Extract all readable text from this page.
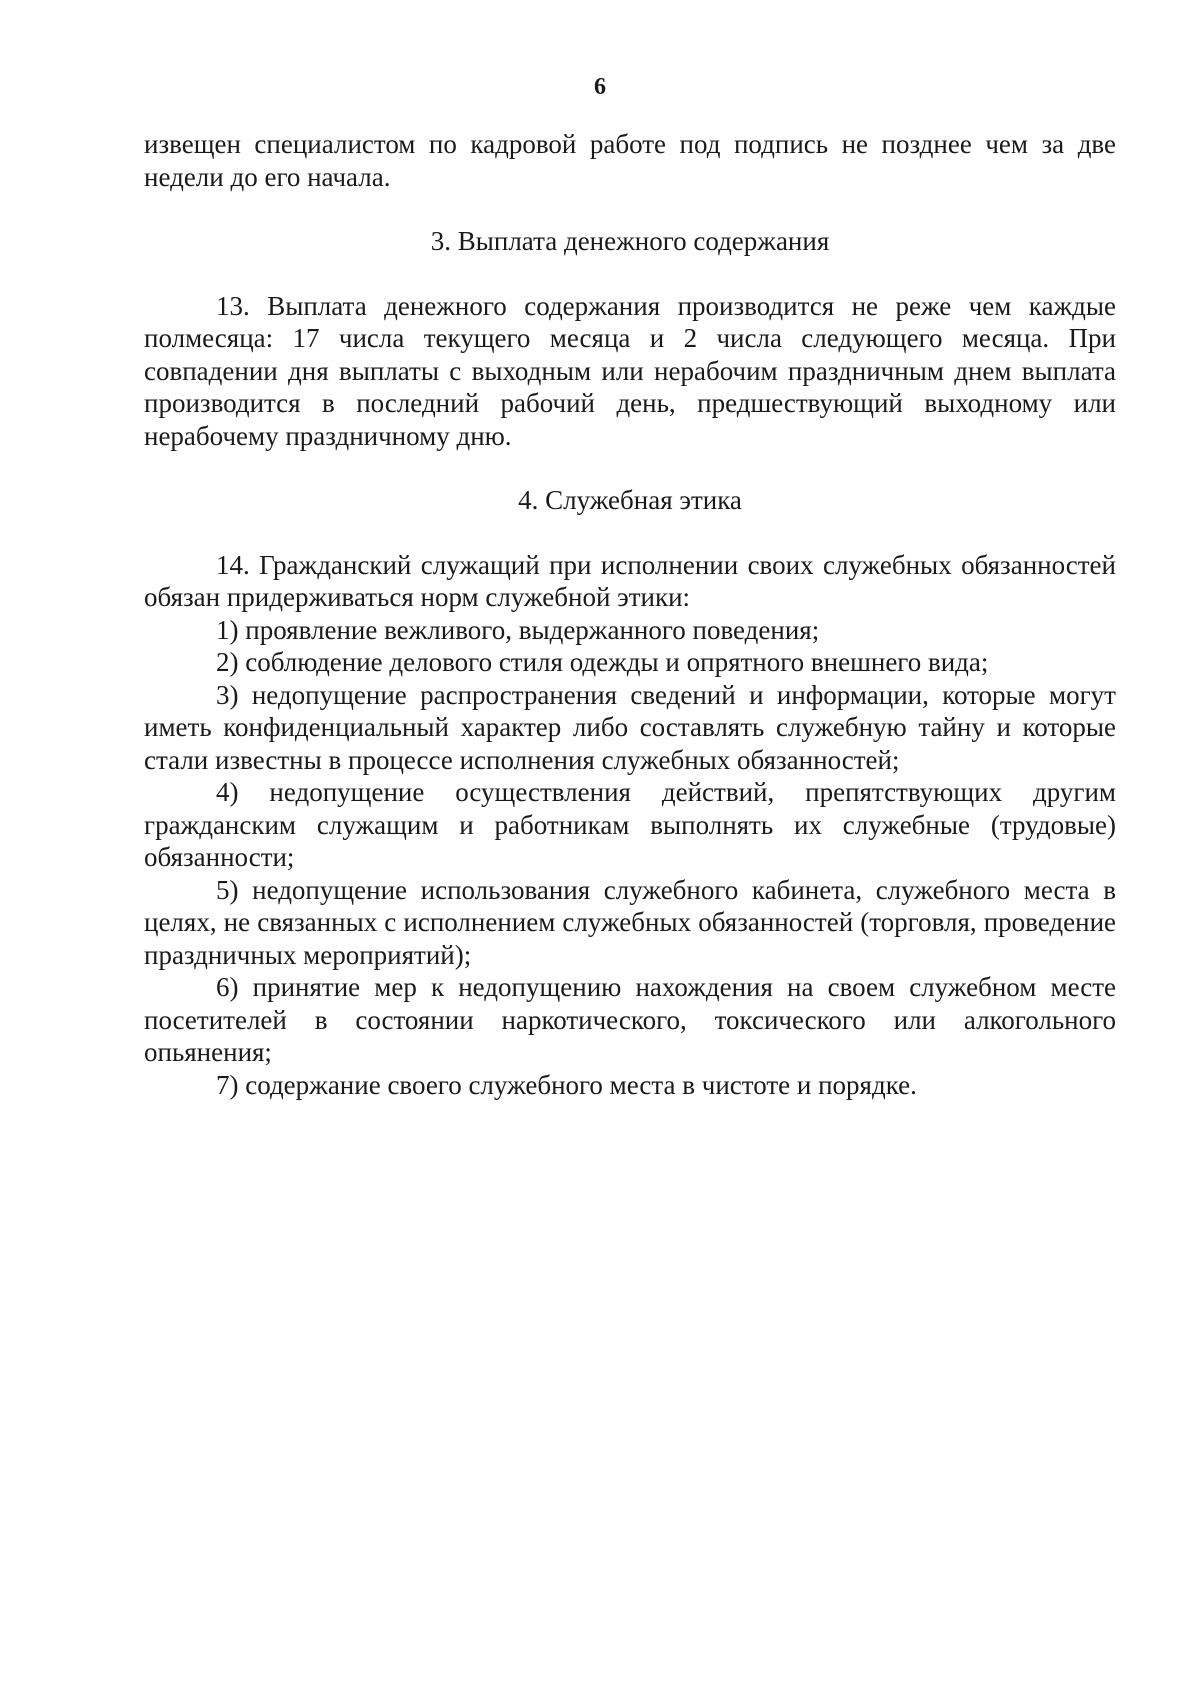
6

извещен специалистом по кадровой работе под подпись не позднее чем за две недели до его начала.

3. Выплата денежного содержания

13. Выплата денежного содержания производится не реже чем каждые полмесяца: 17 числа текущего месяца и 2 числа следующего месяца. При совпадении дня выплаты с выходным или нерабочим праздничным днем выплата производится в последний рабочий день, предшествующий выходному или нерабочему праздничному дню.

4. Служебная этика

14. Гражданский служащий при исполнении своих служебных обязанностей обязан придерживаться норм служебной этики:

1) проявление вежливого, выдержанного поведения;

2) соблюдение делового стиля одежды и опрятного внешнего вида;

3) недопущение распространения сведений и информации, которые могут иметь конфиденциальный характер либо составлять служебную тайну и которые стали известны в процессе исполнения служебных обязанностей;

4) недопущение осуществления действий, препятствующих другим гражданским служащим и работникам выполнять их служебные (трудовые) обязанности;

5) недопущение использования служебного кабинета, служебного места в целях, не связанных с исполнением служебных обязанностей (торговля, проведение праздничных мероприятий);

6) принятие мер к недопущению нахождения на своем служебном месте посетителей в состоянии наркотического, токсического или алкогольного опьянения;

7) содержание своего служебного места в чистоте и порядке.
